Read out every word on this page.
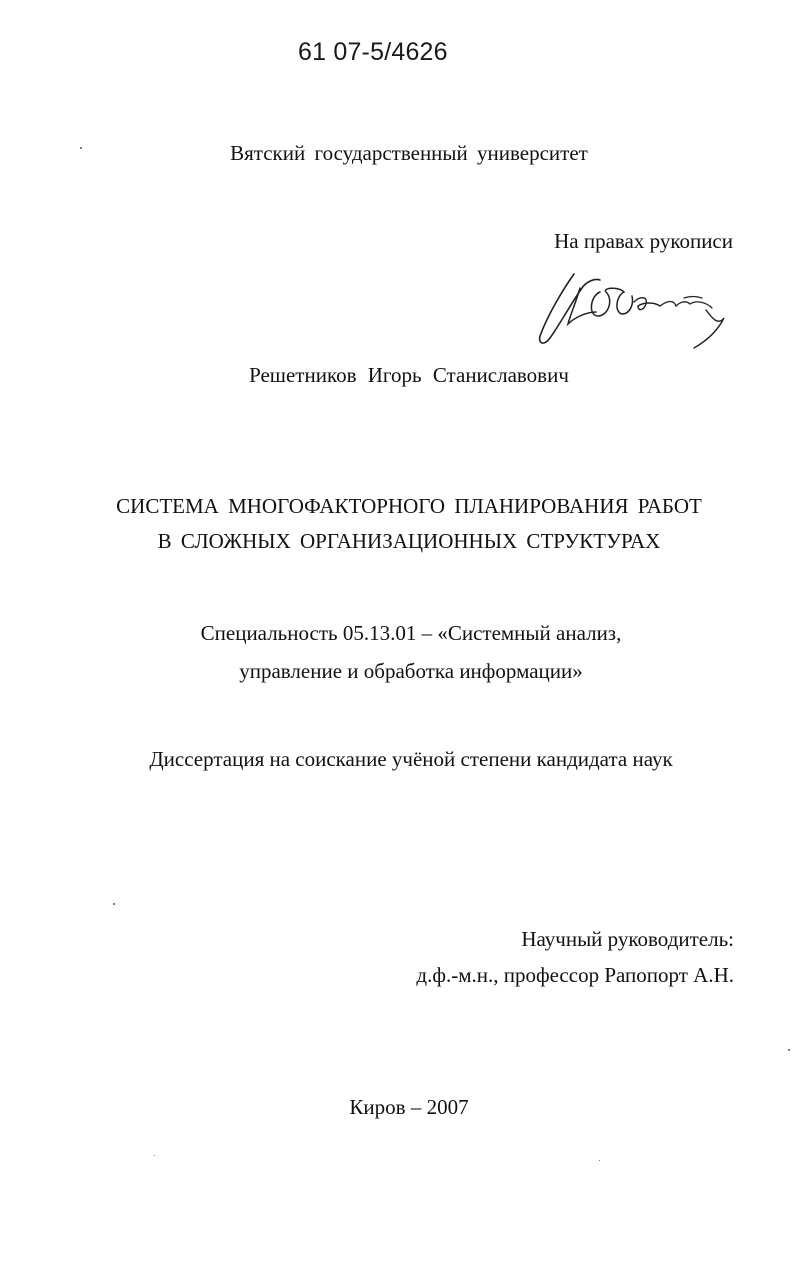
61 07-5/4626
Вятский государственный университет
На правах рукописи
Решетников Игорь Станиславович
СИСТЕМА МНОГОФАКТОРНОГО ПЛАНИРОВАНИЯ РАБОТ
В СЛОЖНЫХ ОРГАНИЗАЦИОННЫХ СТРУКТУРАХ
Специальность 05.13.01 – «Системный анализ,
управление и обработка информации»
Диссертация на соискание учёной степени кандидата наук
Научный руководитель:
д.ф.-м.н., профессор Рапопорт А.Н.
Киров – 2007
